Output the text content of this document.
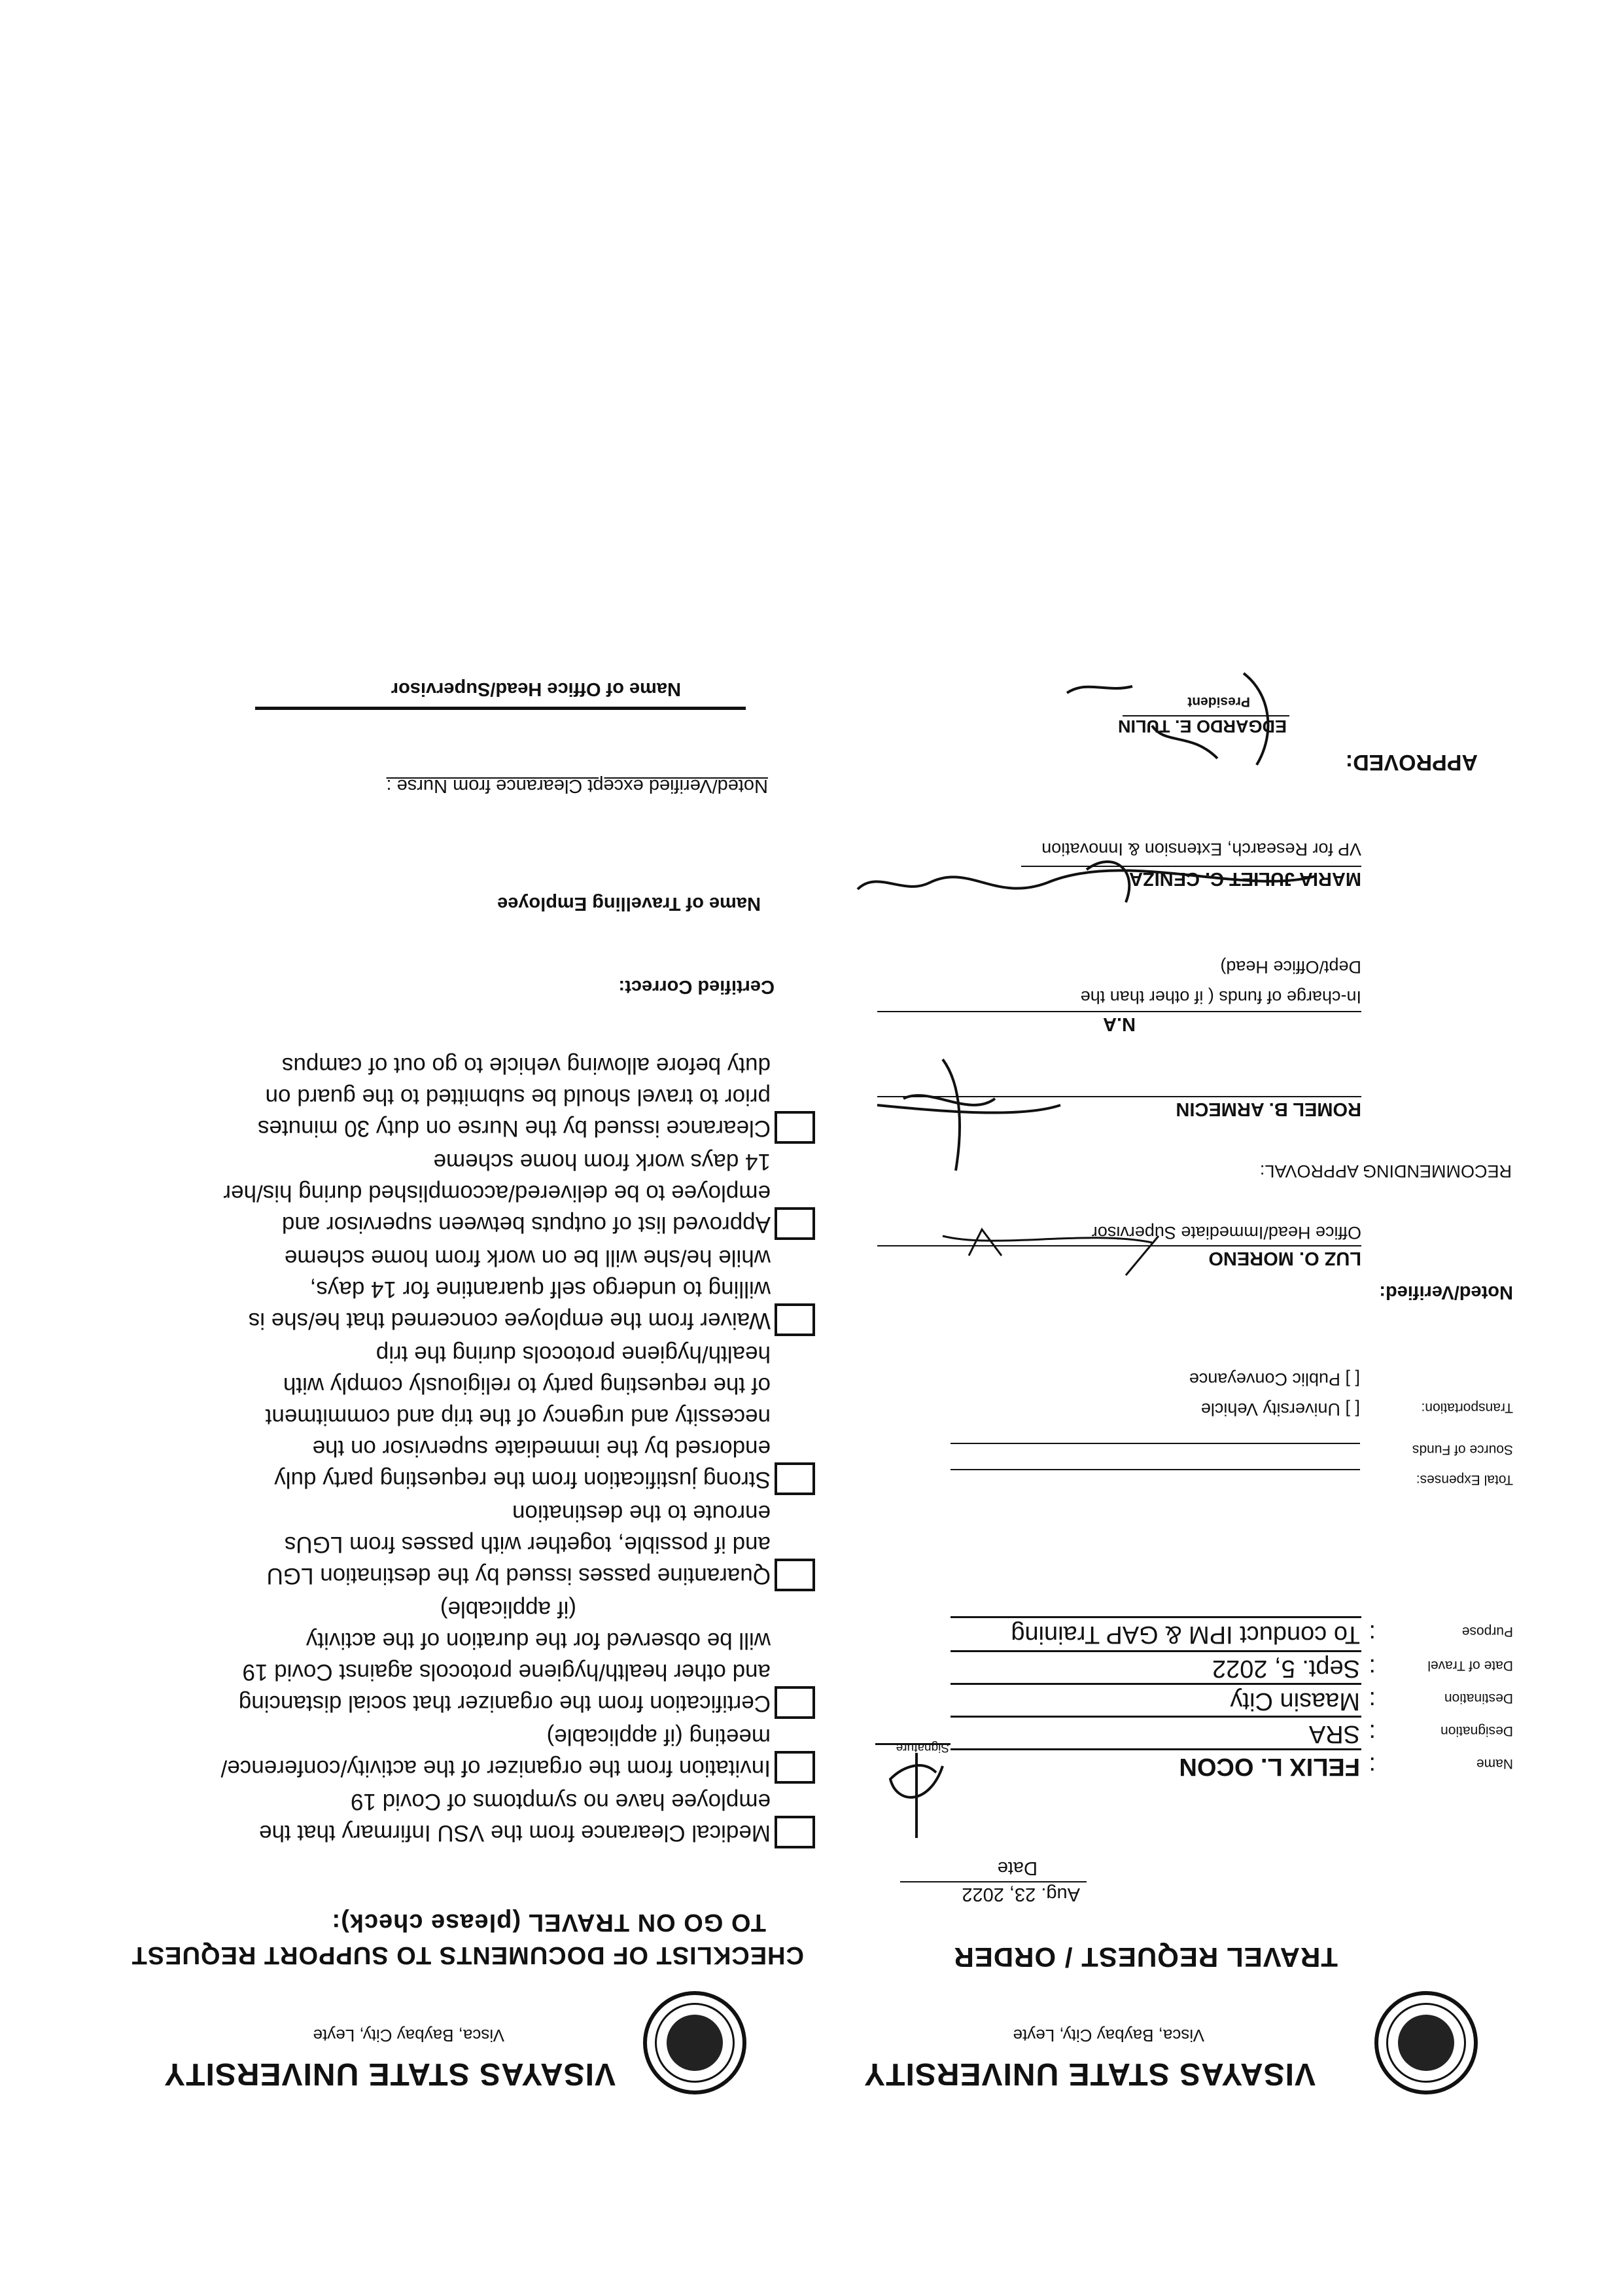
VISAYAS STATE UNIVERSITY
Visca, Baybay City, Leyte
TRAVEL REQUEST / ORDER
Aug. 23, 2022
Date
Signature
Total Expenses:
Source of Funds
Transportation:
[ ] University Vehicle
[ ] Public Conveyance
Noted/Verified:
LUZ O. MORENO
Office Head/Immediate Supervisor
RECOMMENDING APPROVAL:
ROMEL B. ARMECIN
N.A
In-charge of funds ( if other than the
Dept/Office Head)
MARIA JULIET C. CENIZA
VP for Research, Extension & Innovation
APPROVED:
EDGARDO E. TULIN
President
VISAYAS STATE UNIVERSITY
Visca, Baybay City, Leyte
CHECKLIST OF DOCUMENTS TO SUPPORT REQUEST
TO GO ON TRAVEL (please check):
Certified Correct:
Name of Travelling Employee
Noted/Verified except Clearance from Nurse :
Name of Office Head/Supervisor
Name
:
FELIX L. OCON
Designation
:
SRA
Destination
:
Maasin City
Date of Travel
:
Sept. 5, 2022
Purpose
:
To conduct IPM & GAP Training
Medical Clearance from the VSU Infirmary that the
employee have no symptoms of Covid 19
Invitation from the organizer of the activity/conference/
meeting (if applicable)
Certification from the organizer that social distancing
and other health/hygiene protocols against Covid 19
will be observed for the duration of the activity
(if applicable)
Quarantine passes issued by the destination LGU
and if possible, together with passes from LGUs
enroute to the destination
Strong justification from the requesting party duly
endorsed by the immediate supervisor on the
necessity and urgency of the trip and commitment
of the requesting party to religiously comply with
health/hygiene protocols during the trip
Waiver from the employee concerned that he/she is
willing to undergo self quarantine for 14 days,
while he/she will be on work from home scheme
Approved list of outputs between supervisor and
employee to be delivered/accomplished during his/her
14 days work from home scheme
Clearance issued by the Nurse on duty 30 minutes
prior to travel should be submitted to the guard on
duty before allowing vehicle to go out of campus
